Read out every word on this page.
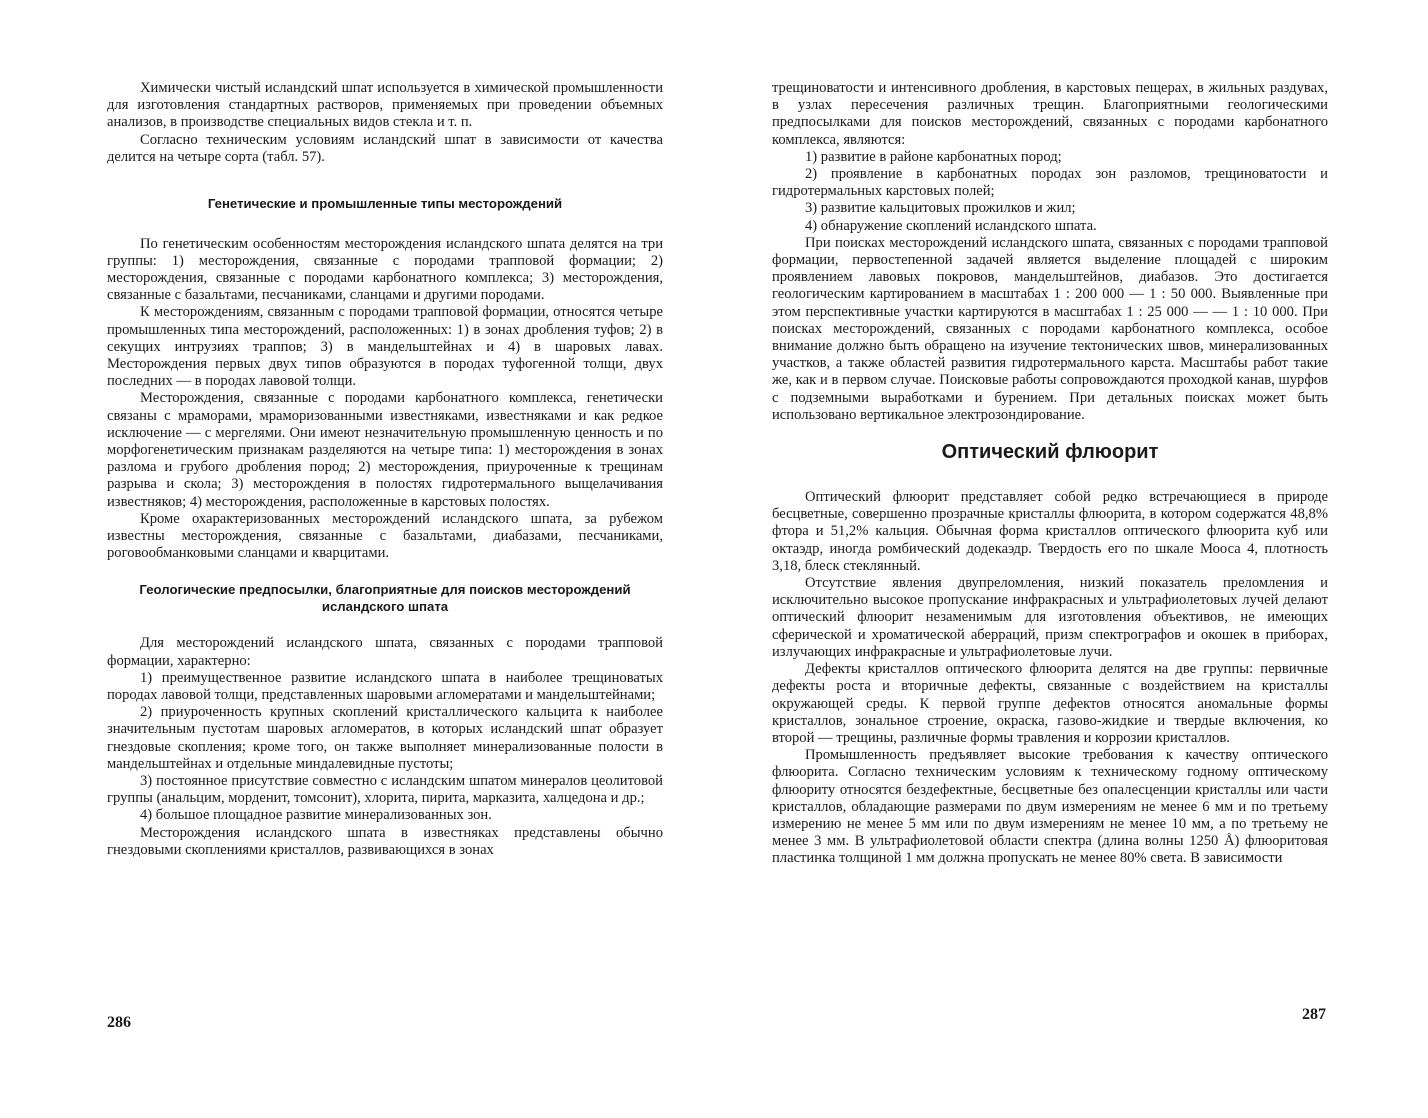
Химически чистый исландский шпат используется в химической промышленности для изготовления стандартных растворов, применяемых при проведении объемных анализов, в производстве специальных видов стекла и т. п.

Согласно техническим условиям исландский шпат в зависимости от качества делится на четыре сорта (табл. 57).

Генетические и промышленные типы месторождений

По генетическим особенностям месторождения исландского шпата делятся на три группы: 1) месторождения, связанные с породами трапповой формации; 2) месторождения, связанные с породами карбонатного комплекса; 3) месторождения, связанные с базальтами, песчаниками, сланцами и другими породами.

К месторождениям, связанным с породами трапповой формации, относятся четыре промышленных типа месторождений, расположенных: 1) в зонах дробления туфов; 2) в секущих интрузиях траппов; 3) в мандельштейнах и 4) в шаровых лавах. Месторождения первых двух типов образуются в породах туфогенной толщи, двух последних — в породах лавовой толщи.

Месторождения, связанные с породами карбонатного комплекса, генетически связаны с мраморами, мраморизованными известняками, известняками и как редкое исключение — с мергелями. Они имеют незначительную промышленную ценность и по морфогенетическим признакам разделяются на четыре типа: 1) месторождения в зонах разлома и грубого дробления пород; 2) месторождения, приуроченные к трещинам разрыва и скола; 3) месторождения в полостях гидротермального выщелачивания известняков; 4) месторождения, расположенные в карстовых полостях.

Кроме охарактеризованных месторождений исландского шпата, за рубежом известны месторождения, связанные с базальтами, диабазами, песчаниками, роговообманковыми сланцами и кварцитами.

Геологические предпосылки, благоприятные для поисков месторождений исландского шпата

Для месторождений исландского шпата, связанных с породами трапповой формации, характерно:

1) преимущественное развитие исландского шпата в наиболее трещиноватых породах лавовой толщи, представленных шаровыми агломератами и мандельштейнами;

2) приуроченность крупных скоплений кристаллического кальцита к наиболее значительным пустотам шаровых агломератов, в которых исландский шпат образует гнездовые скопления; кроме того, он также выполняет минерализованные полости в мандельштейнах и отдельные миндалевидные пустоты;

3) постоянное присутствие совместно с исландским шпатом минералов цеолитовой группы (анальцим, морденит, томсонит), хлорита, пирита, марказита, халцедона и др.;

4) большое площадное развитие минерализованных зон.

Месторождения исландского шпата в известняках представлены обычно гнездовыми скоплениями кристаллов, развивающихся в зонах

286

трещиноватости и интенсивного дробления, в карстовых пещерах, в жильных раздувах, в узлах пересечения различных трещин. Благоприятными геологическими предпосылками для поисков месторождений, связанных с породами карбонатного комплекса, являются:

1) развитие в районе карбонатных пород;

2) проявление в карбонатных породах зон разломов, трещиноватости и гидротермальных карстовых полей;

3) развитие кальцитовых прожилков и жил;

4) обнаружение скоплений исландского шпата.

При поисках месторождений исландского шпата, связанных с породами трапповой формации, первостепенной задачей является выделение площадей с широким проявлением лавовых покровов, мандельштейнов, диабазов. Это достигается геологическим картированием в масштабах 1 : 200 000 — 1 : 50 000. Выявленные при этом перспективные участки картируются в масштабах 1 : 25 000 — — 1 : 10 000. При поисках месторождений, связанных с породами карбонатного комплекса, особое внимание должно быть обращено на изучение тектонических швов, минерализованных участков, а также областей развития гидротермального карста. Масштабы работ такие же, как и в первом случае. Поисковые работы сопровождаются проходкой канав, шурфов с подземными выработками и бурением. При детальных поисках может быть использовано вертикальное электрозондирование.

Оптический флюорит

Оптический флюорит представляет собой редко встречающиеся в природе бесцветные, совершенно прозрачные кристаллы флюорита, в котором содержатся 48,8% фтора и 51,2% кальция. Обычная форма кристаллов оптического флюорита куб или октаэдр, иногда ромбический додекаэдр. Твердость его по шкале Мооса 4, плотность 3,18, блеск стеклянный.

Отсутствие явления двупреломления, низкий показатель преломления и исключительно высокое пропускание инфракрасных и ультрафиолетовых лучей делают оптический флюорит незаменимым для изготовления объективов, не имеющих сферической и хроматической аберраций, призм спектрографов и окошек в приборах, излучающих инфракрасные и ультрафиолетовые лучи.

Дефекты кристаллов оптического флюорита делятся на две группы: первичные дефекты роста и вторичные дефекты, связанные с воздействием на кристаллы окружающей среды. К первой группе дефектов относятся аномальные формы кристаллов, зональное строение, окраска, газово-жидкие и твердые включения, ко второй — трещины, различные формы травления и коррозии кристаллов.

Промышленность предъявляет высокие требования к качеству оптического флюорита. Согласно техническим условиям к техническому годному оптическому флюориту относятся бездефектные, бесцветные без опалесценции кристаллы или части кристаллов, обладающие размерами по двум измерениям не менее 6 мм и по третьему измерению не менее 5 мм или по двум измерениям не менее 10 мм, а по третьему не менее 3 мм. В ультрафиолетовой области спектра (длина волны 1250 Å) флюоритовая пластинка толщиной 1 мм должна пропускать не менее 80% света. В зависимости

287
